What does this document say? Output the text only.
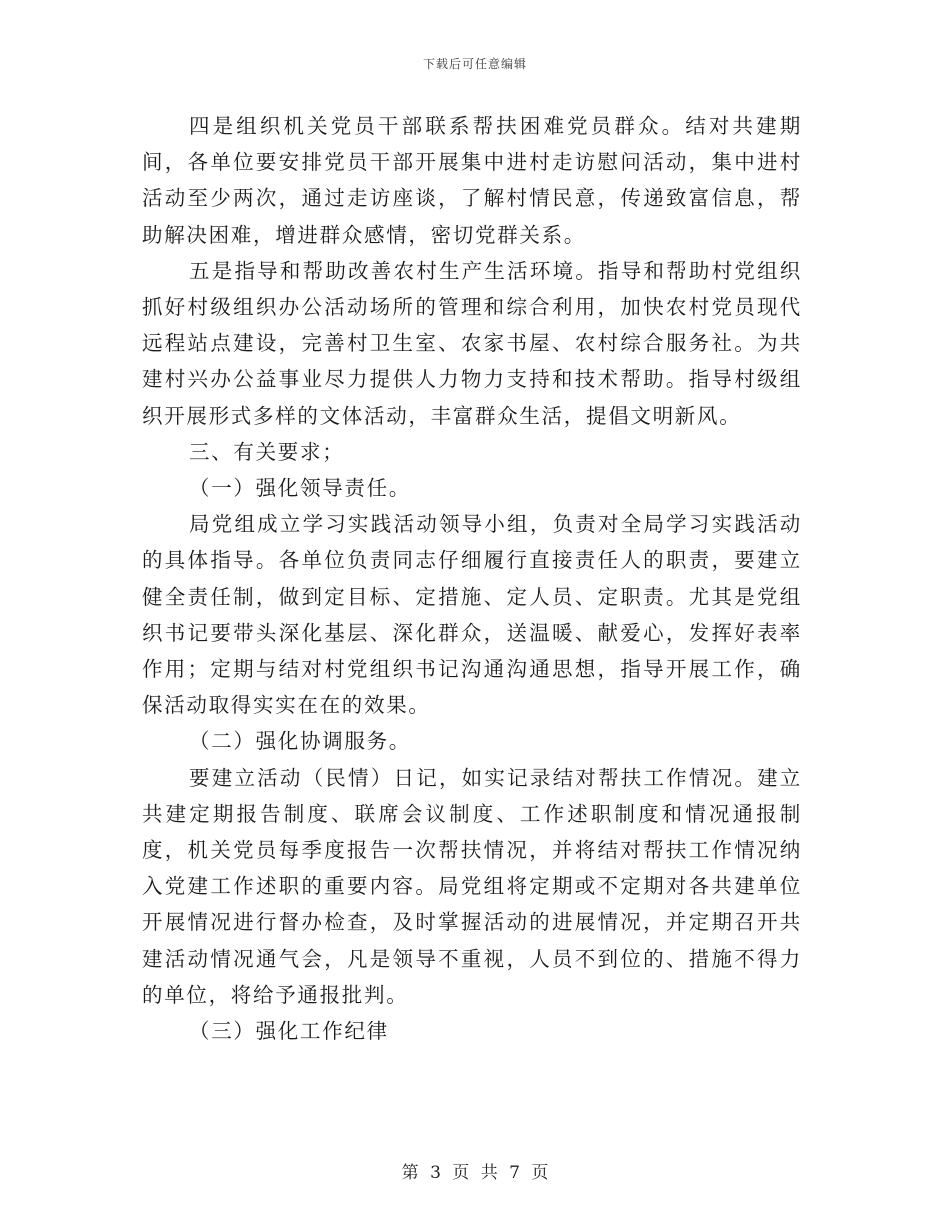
下载后可任意编辑

四是组织机关党员干部联系帮扶困难党员群众。结对共建期间，各单位要安排党员干部开展集中进村走访慰问活动，集中进村活动至少两次，通过走访座谈，了解村情民意，传递致富信息，帮助解决困难，增进群众感情，密切党群关系。

五是指导和帮助改善农村生产生活环境。指导和帮助村党组织抓好村级组织办公活动场所的管理和综合利用，加快农村党员现代远程站点建设，完善村卫生室、农家书屋、农村综合服务社。为共建村兴办公益事业尽力提供人力物力支持和技术帮助。指导村级组织开展形式多样的文体活动，丰富群众生活，提倡文明新风。

三、有关要求；

（一）强化领导责任。

局党组成立学习实践活动领导小组，负责对全局学习实践活动的具体指导。各单位负责同志仔细履行直接责任人的职责，要建立健全责任制，做到定目标、定措施、定人员、定职责。尤其是党组织书记要带头深化基层、深化群众，送温暖、献爱心，发挥好表率作用；定期与结对村党组织书记沟通沟通思想，指导开展工作，确保活动取得实实在在的效果。

（二）强化协调服务。

要建立活动（民情）日记，如实记录结对帮扶工作情况。建立共建定期报告制度、联席会议制度、工作述职制度和情况通报制度，机关党员每季度报告一次帮扶情况，并将结对帮扶工作情况纳入党建工作述职的重要内容。局党组将定期或不定期对各共建单位开展情况进行督办检查，及时掌握活动的进展情况，并定期召开共建活动情况通气会，凡是领导不重视，人员不到位的、措施不得力的单位，将给予通报批判。

（三）强化工作纪律

第 3 页 共 7 页
